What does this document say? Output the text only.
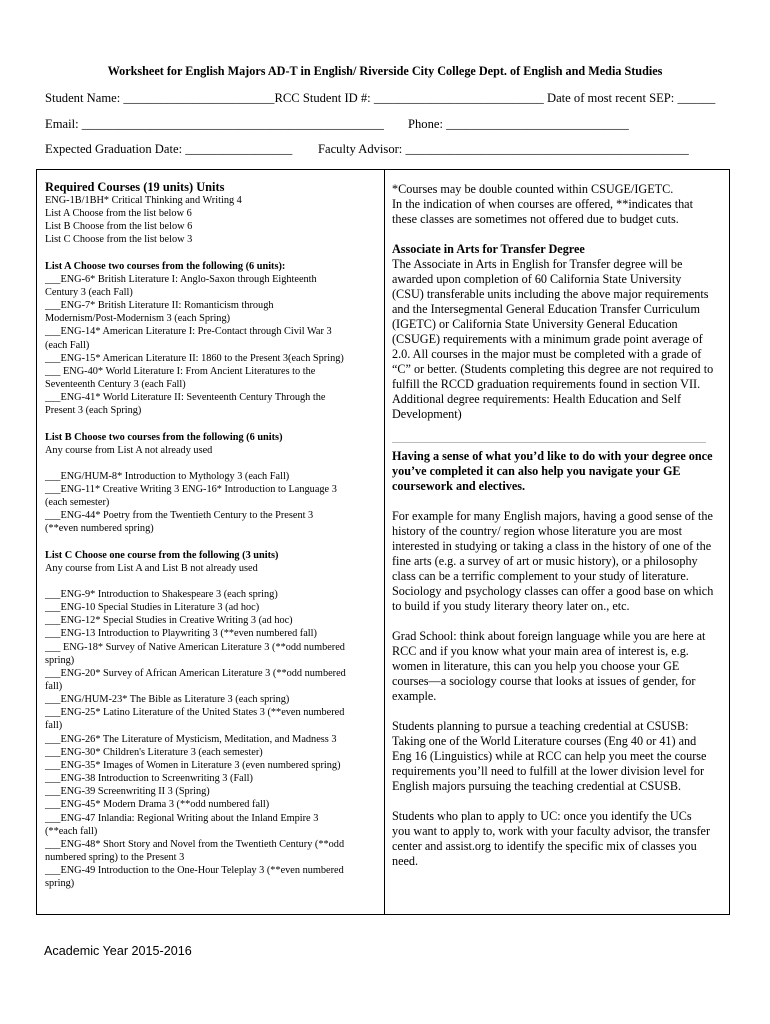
Worksheet for English Majors AD-T in English/ Riverside City College Dept. of English and Media Studies
Student Name: ________________________RCC Student ID #: ___________________________ Date of most recent SEP: ______
Email: ________________________________________________ Phone: _____________________________
Expected Graduation Date: _________________ Faculty Advisor: _____________________________________________
Required Courses (19 units) Units
ENG-1B/1BH* Critical Thinking and Writing 4
List A Choose from the list below 6
List B Choose from the list below 6
List C Choose from the list below 3
List A Choose two courses from the following (6 units):
___ENG-6* British Literature I: Anglo-Saxon through Eighteenth
Century 3 (each Fall)
___ENG-7* British Literature II: Romanticism through
Modernism/Post-Modernism 3 (each Spring)
___ENG-14* American Literature I: Pre-Contact through Civil War 3
(each Fall)
___ENG-15* American Literature II: 1860 to the Present 3(each Spring)
___ ENG-40* World Literature I: From Ancient Literatures to the
Seventeenth Century 3 (each Fall)
___ENG-41* World Literature II: Seventeenth Century Through the
Present 3 (each Spring)
List B Choose two courses from the following (6 units)
Any course from List A not already used
___ENG/HUM-8* Introduction to Mythology 3 (each Fall)
___ENG-11* Creative Writing 3 ENG-16* Introduction to Language 3
(each semester)
___ENG-44* Poetry from the Twentieth Century to the Present 3
(**even numbered spring)
List C Choose one course from the following (3 units)
Any course from List A and List B not already used
___ENG-9* Introduction to Shakespeare 3 (each spring)
___ENG-10 Special Studies in Literature 3 (ad hoc)
___ENG-12* Special Studies in Creative Writing 3 (ad hoc)
___ENG-13 Introduction to Playwriting 3 (**even numbered fall)
___ ENG-18* Survey of Native American Literature 3 (**odd numbered
spring)
___ENG-20* Survey of African American Literature 3 (**odd numbered
fall)
___ENG/HUM-23* The Bible as Literature 3 (each spring)
___ENG-25* Latino Literature of the United States 3 (**even numbered
fall)
___ENG-26* The Literature of Mysticism, Meditation, and Madness 3
___ENG-30* Children's Literature 3 (each semester)
___ENG-35* Images of Women in Literature 3 (even numbered spring)
___ENG-38 Introduction to Screenwriting 3 (Fall)
___ENG-39 Screenwriting II 3 (Spring)
___ENG-45* Modern Drama 3 (**odd numbered fall)
___ENG-47 Inlandia: Regional Writing about the Inland Empire 3
(**each fall)
___ENG-48* Short Story and Novel from the Twentieth Century (**odd
numbered spring) to the Present 3
___ENG-49 Introduction to the One-Hour Teleplay 3 (**even numbered
spring)
*Courses may be double counted within CSUGE/IGETC.
In the indication of when courses are offered, **indicates that
these classes are sometimes not offered due to budget cuts.
Associate in Arts for Transfer Degree
The Associate in Arts in English for Transfer degree will be
awarded upon completion of 60 California State University
(CSU) transferable units including the above major requirements
and the Intersegmental General Education Transfer Curriculum
(IGETC) or California State University General Education
(CSUGE) requirements with a minimum grade point average of
2.0. All courses in the major must be completed with a grade of
“C” or better. (Students completing this degree are not required to
fulfill the RCCD graduation requirements found in section VII.
Additional degree requirements: Health Education and Self
Development)
Having a sense of what you’d like to do with your degree once
you’ve completed it can also help you navigate your GE
coursework and electives.
For example for many English majors, having a good sense of the
history of the country/ region whose literature you are most
interested in studying or taking a class in the history of one of the
fine arts (e.g. a survey of art or music history), or a philosophy
class can be a terrific complement to your study of literature.
Sociology and psychology classes can offer a good base on which
to build if you study literary theory later on., etc.
Grad School: think about foreign language while you are here at
RCC and if you know what your main area of interest is, e.g.
women in literature, this can you help you choose your GE
courses—a sociology course that looks at issues of gender, for
example.
Students planning to pursue a teaching credential at CSUSB:
Taking one of the World Literature courses (Eng 40 or 41) and
Eng 16 (Linguistics) while at RCC can help you meet the course
requirements you’ll need to fulfill at the lower division level for
English majors pursuing the teaching credential at CSUSB.
Students who plan to apply to UC: once you identify the UCs
you want to apply to, work with your faculty advisor, the transfer
center and assist.org to identify the specific mix of classes you
need.
Academic Year 2015-2016
